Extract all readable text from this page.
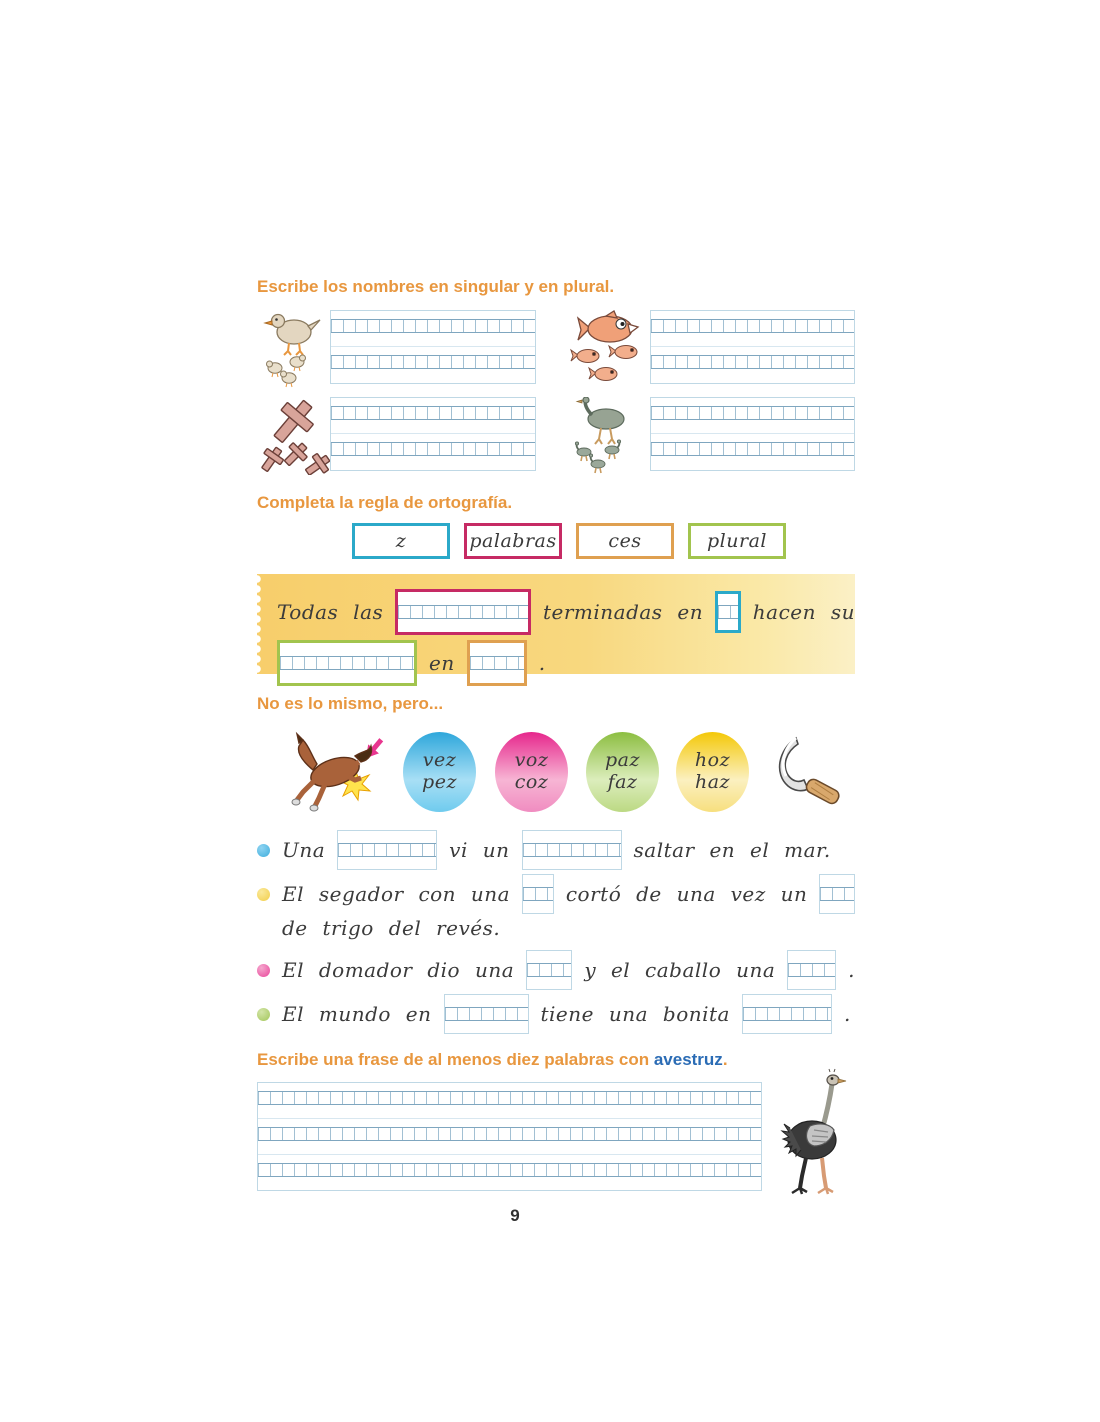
Escribe los nombres en singular y en plural.
Completa la regla de ortografía.
z	palabras	ces	plural
Todas las	terminadas en hacen su
en	.
No es lo mismo, pero...
vez
pez
voz
coz
paz
faz
hoz
haz
Una	vi un	saltar en el mar.
El segador con una	cortó de una vez un
de trigo del revés.
El domador dio una	y el caballo una	.
El mundo en	tiene una bonita	.
Escribe una frase de al menos diez palabras con avestruz.
9
